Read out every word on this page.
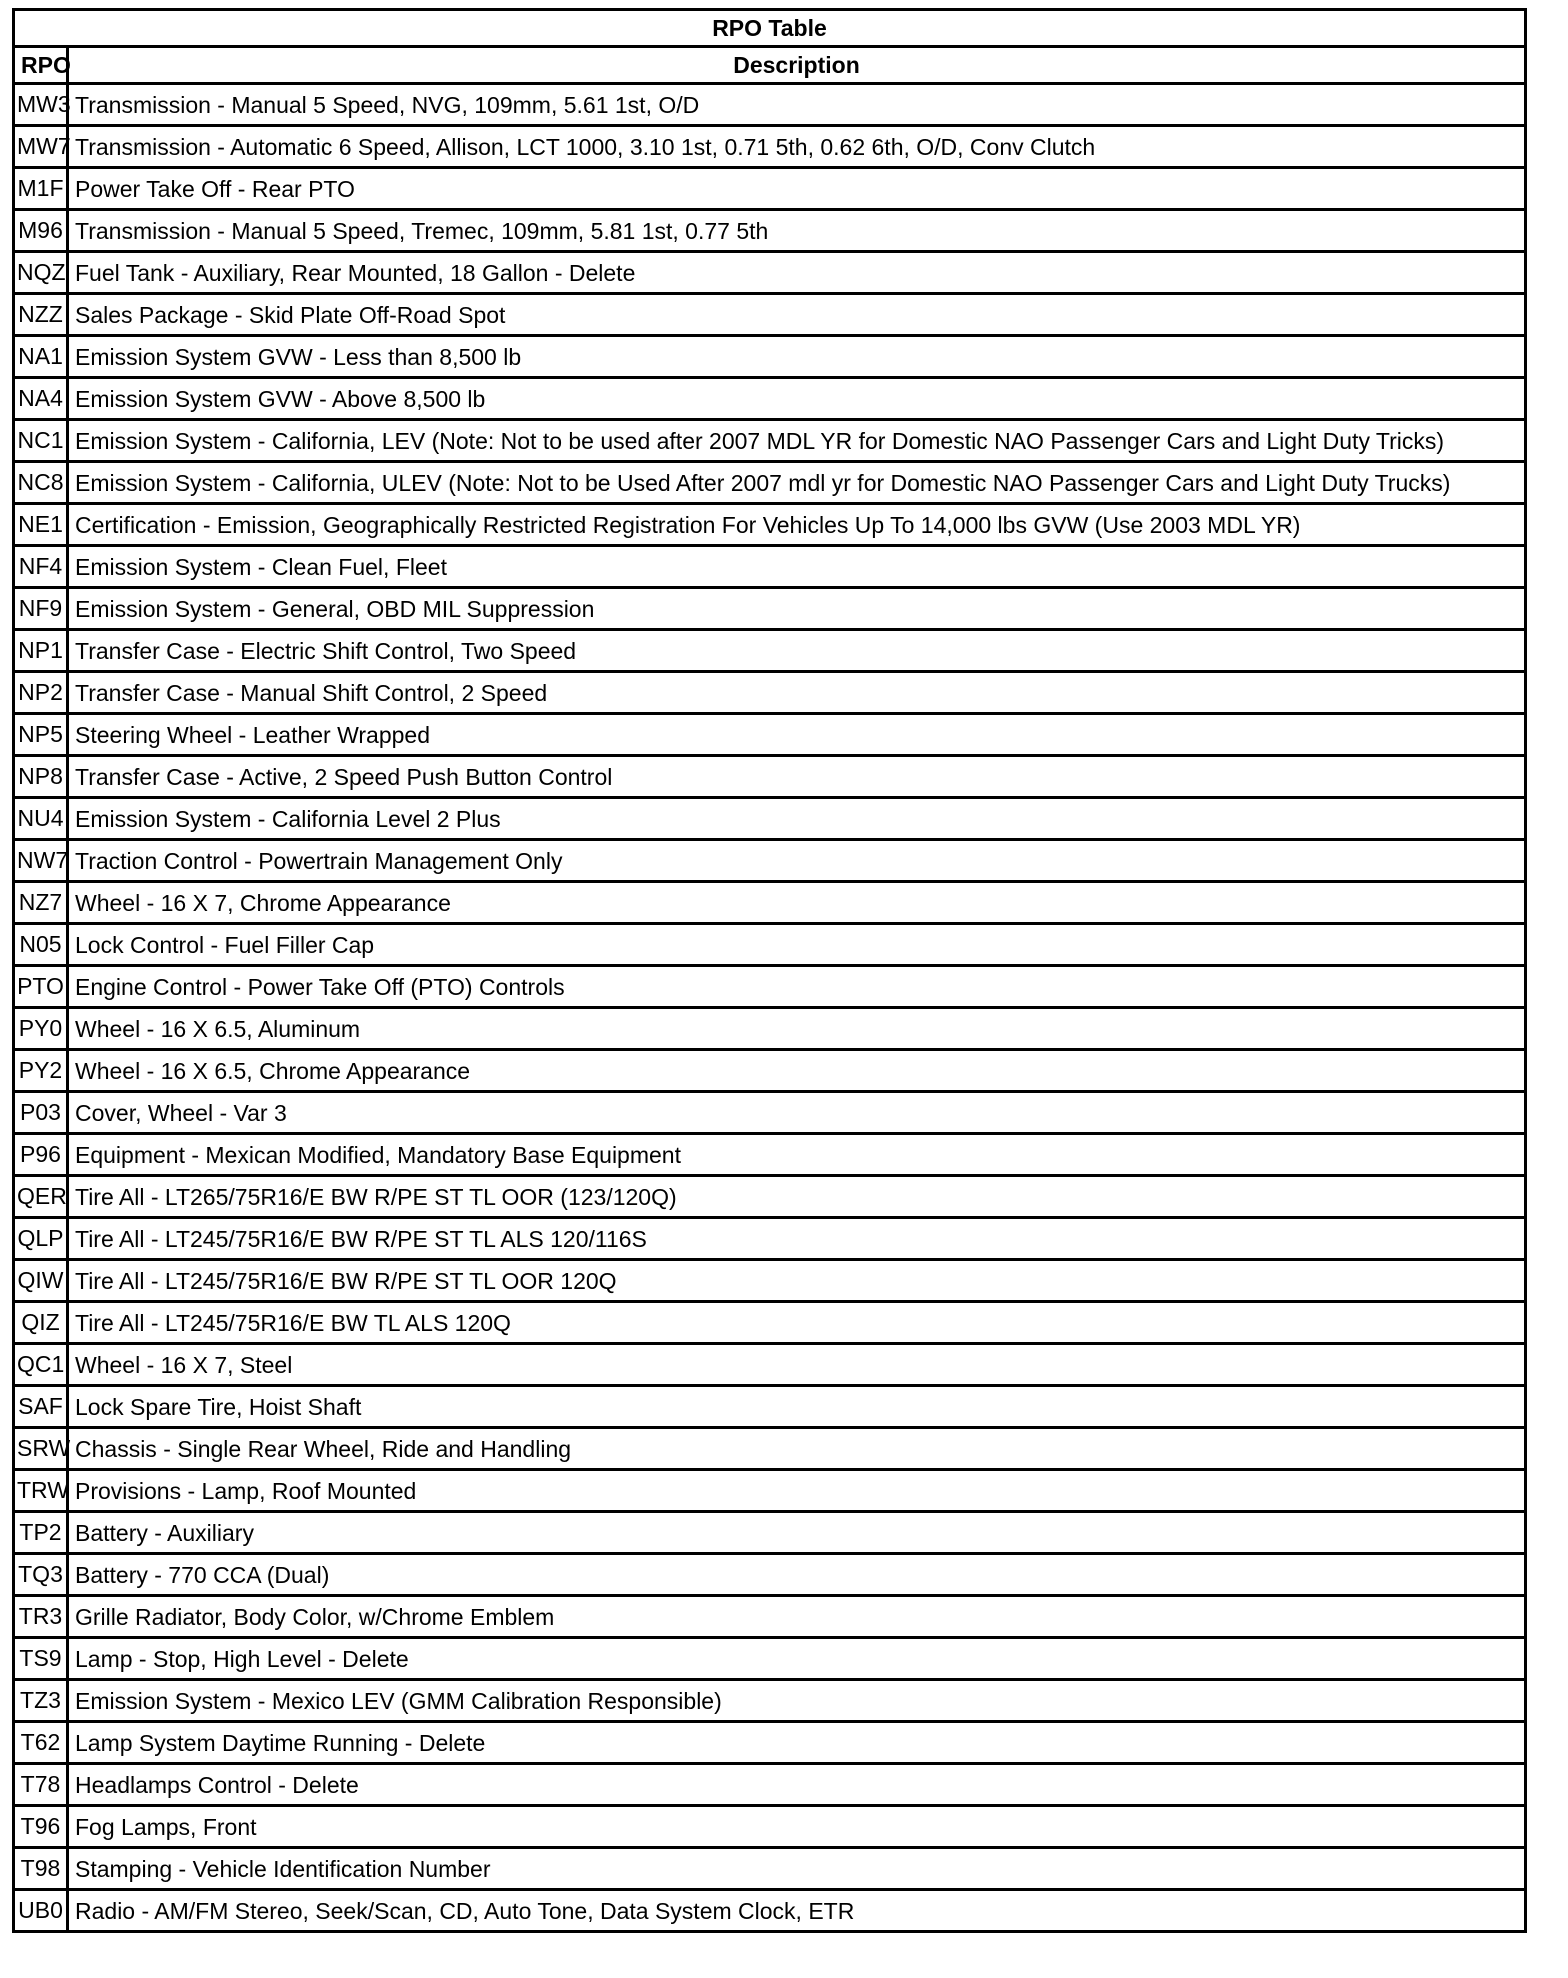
RPO Table	
RPO	Description
MW3	Transmission - Manual 5 Speed, NVG, 109mm, 5.61 1st, O/D
MW7	Transmission - Automatic 6 Speed, Allison, LCT 1000, 3.10 1st, 0.71 5th, 0.62 6th, O/D, Conv Clutch
M1F	Power Take Off - Rear PTO
M96	Transmission - Manual 5 Speed, Tremec, 109mm, 5.81 1st, 0.77 5th
NQZ	Fuel Tank - Auxiliary, Rear Mounted, 18 Gallon - Delete
NZZ	Sales Package - Skid Plate Off-Road Spot
NA1	Emission System GVW - Less than 8,500 lb
NA4	Emission System GVW - Above 8,500 lb
NC1	Emission System - California, LEV (Note: Not to be used after 2007 MDL YR for Domestic NAO Passenger Cars and Light Duty Tricks)
NC8	Emission System - California, ULEV (Note: Not to be Used After 2007 mdl yr for Domestic NAO Passenger Cars and Light Duty Trucks)
NE1	Certification - Emission, Geographically Restricted Registration For Vehicles Up To 14,000 lbs GVW (Use 2003 MDL YR)
NF4	Emission System - Clean Fuel, Fleet
NF9	Emission System - General, OBD MIL Suppression
NP1	Transfer Case - Electric Shift Control, Two Speed
NP2	Transfer Case - Manual Shift Control, 2 Speed
NP5	Steering Wheel - Leather Wrapped
NP8	Transfer Case - Active, 2 Speed Push Button Control
NU4	Emission System - California Level 2 Plus
NW7	Traction Control - Powertrain Management Only
NZ7	Wheel - 16 X 7, Chrome Appearance
N05	Lock Control - Fuel Filler Cap
PTO	Engine Control - Power Take Off (PTO) Controls
PY0	Wheel - 16 X 6.5, Aluminum
PY2	Wheel - 16 X 6.5, Chrome Appearance
P03	Cover, Wheel - Var 3
P96	Equipment - Mexican Modified, Mandatory Base Equipment
QER	Tire All - LT265/75R16/E BW R/PE ST TL OOR (123/120Q)
QLP	Tire All - LT245/75R16/E BW R/PE ST TL ALS 120/116S
QIW	Tire All - LT245/75R16/E BW R/PE ST TL OOR 120Q
QIZ	Tire All - LT245/75R16/E BW TL ALS 120Q
QC1	Wheel - 16 X 7, Steel
SAF	Lock Spare Tire, Hoist Shaft
SRW	Chassis - Single Rear Wheel, Ride and Handling
TRW	Provisions - Lamp, Roof Mounted
TP2	Battery - Auxiliary
TQ3	Battery - 770 CCA (Dual)
TR3	Grille Radiator, Body Color, w/Chrome Emblem
TS9	Lamp - Stop, High Level - Delete
TZ3	Emission System - Mexico LEV (GMM Calibration Responsible)
T62	Lamp System Daytime Running - Delete
T78	Headlamps Control - Delete
T96	Fog Lamps, Front
T98	Stamping - Vehicle Identification Number
UB0	Radio - AM/FM Stereo, Seek/Scan, CD, Auto Tone, Data System Clock, ETR
